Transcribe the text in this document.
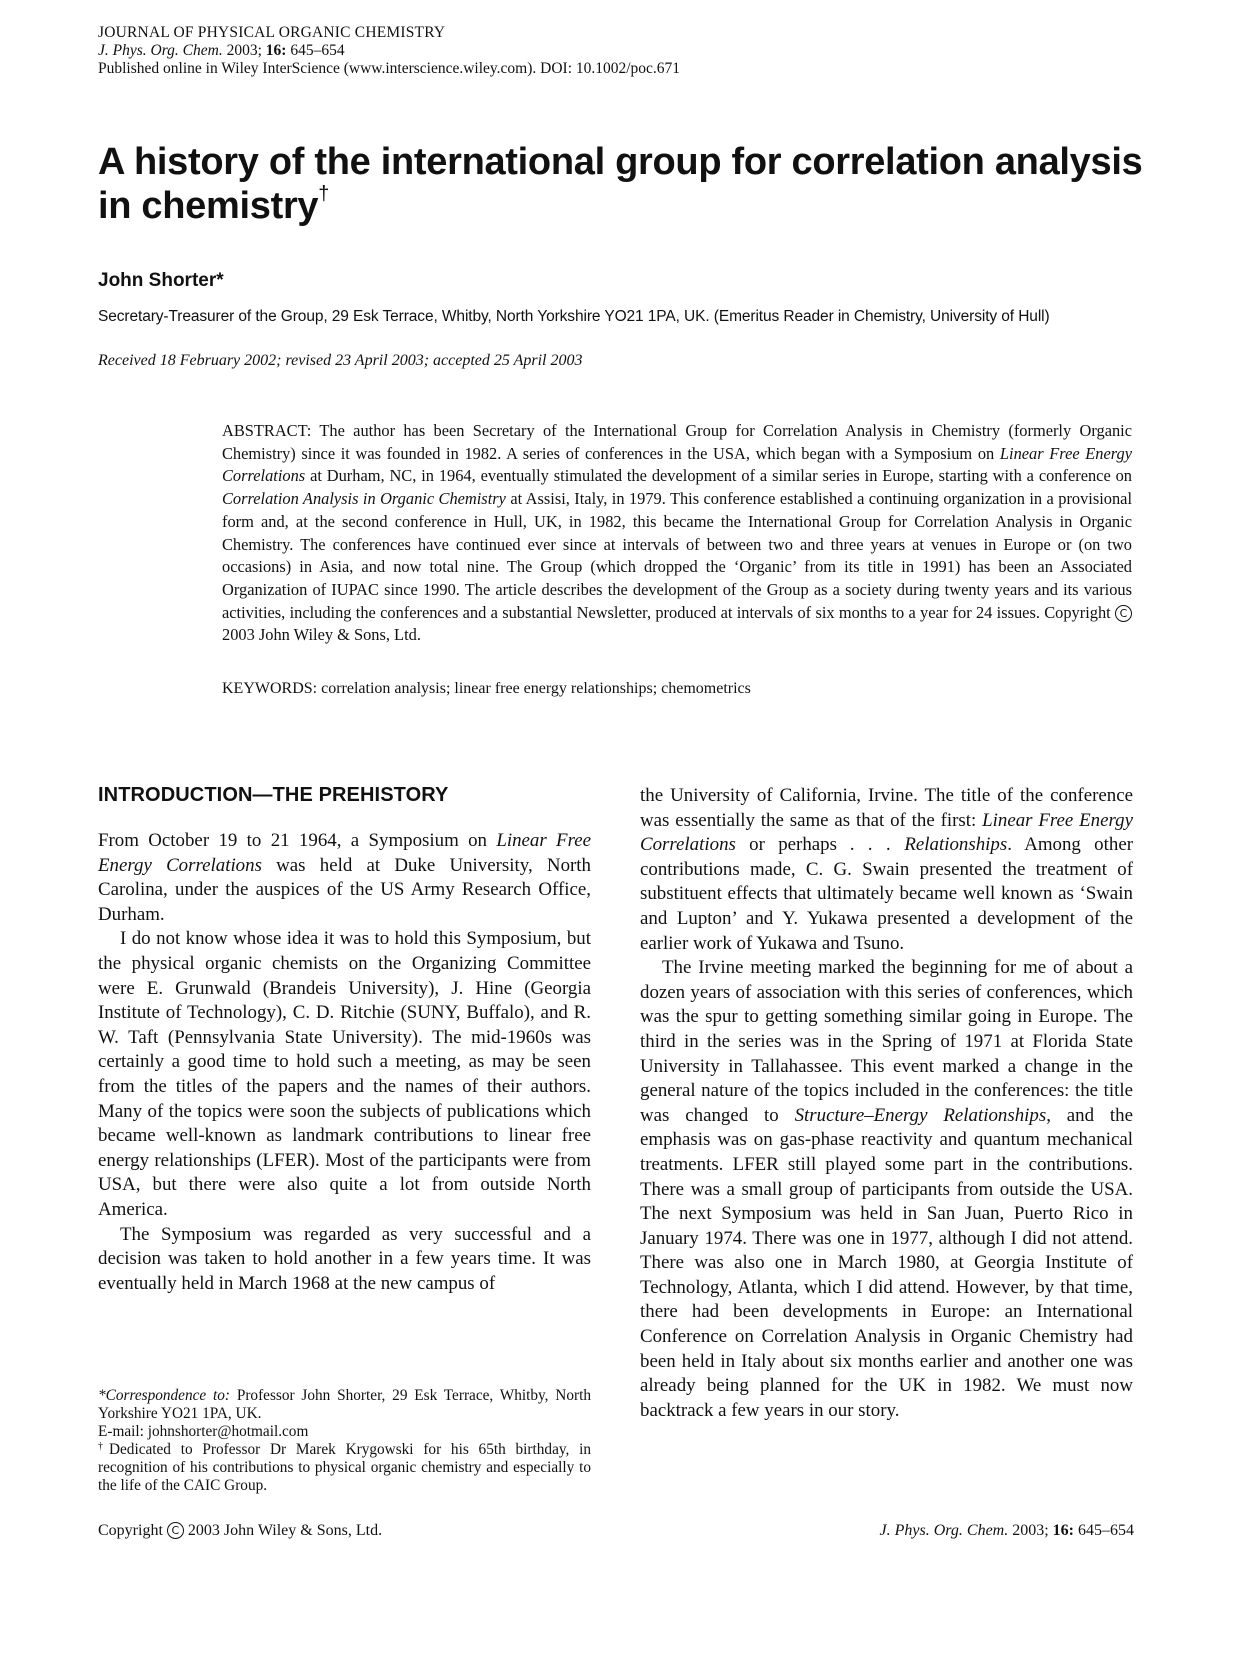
JOURNAL OF PHYSICAL ORGANIC CHEMISTRY
J. Phys. Org. Chem. 2003; 16: 645–654
Published online in Wiley InterScience (www.interscience.wiley.com). DOI: 10.1002/poc.671
A history of the international group for correlation analysis in chemistry†
John Shorter*
Secretary-Treasurer of the Group, 29 Esk Terrace, Whitby, North Yorkshire YO21 1PA, UK. (Emeritus Reader in Chemistry, University of Hull)
Received 18 February 2002; revised 23 April 2003; accepted 25 April 2003
ABSTRACT: The author has been Secretary of the International Group for Correlation Analysis in Chemistry (formerly Organic Chemistry) since it was founded in 1982. A series of conferences in the USA, which began with a Symposium on Linear Free Energy Correlations at Durham, NC, in 1964, eventually stimulated the development of a similar series in Europe, starting with a conference on Correlation Analysis in Organic Chemistry at Assisi, Italy, in 1979. This conference established a continuing organization in a provisional form and, at the second conference in Hull, UK, in 1982, this became the International Group for Correlation Analysis in Organic Chemistry. The conferences have continued ever since at intervals of between two and three years at venues in Europe or (on two occasions) in Asia, and now total nine. The Group (which dropped the ‘Organic’ from its title in 1991) has been an Associated Organization of IUPAC since 1990. The article describes the development of the Group as a society during twenty years and its various activities, including the conferences and a substantial Newsletter, produced at intervals of six months to a year for 24 issues. Copyright C 2003 John Wiley & Sons, Ltd.
KEYWORDS: correlation analysis; linear free energy relationships; chemometrics
INTRODUCTION—THE PREHISTORY

From October 19 to 21 1964, a Symposium on Linear Free Energy Correlations was held at Duke University, North Carolina, under the auspices of the US Army Research Office, Durham.

I do not know whose idea it was to hold this Symposium, but the physical organic chemists on the Organizing Committee were E. Grunwald (Brandeis University), J. Hine (Georgia Institute of Technology), C. D. Ritchie (SUNY, Buffalo), and R. W. Taft (Pennsylvania State University). The mid-1960s was certainly a good time to hold such a meeting, as may be seen from the titles of the papers and the names of their authors. Many of the topics were soon the subjects of publications which became well-known as landmark contributions to linear free energy relationships (LFER). Most of the participants were from USA, but there were also quite a lot from outside North America.

The Symposium was regarded as very successful and a decision was taken to hold another in a few years time. It was eventually held in March 1968 at the new campus of

the University of California, Irvine. The title of the conference was essentially the same as that of the first: Linear Free Energy Correlations or perhaps . . . Relationships. Among other contributions made, C. G. Swain presented the treatment of substituent effects that ultimately became well known as ‘Swain and Lupton’ and Y. Yukawa presented a development of the earlier work of Yukawa and Tsuno.

The Irvine meeting marked the beginning for me of about a dozen years of association with this series of conferences, which was the spur to getting something similar going in Europe. The third in the series was in the Spring of 1971 at Florida State University in Tallahassee. This event marked a change in the general nature of the topics included in the conferences: the title was changed to Structure–Energy Relationships, and the emphasis was on gas-phase reactivity and quantum mechanical treatments. LFER still played some part in the contributions. There was a small group of participants from outside the USA. The next Symposium was held in San Juan, Puerto Rico in January 1974. There was one in 1977, although I did not attend. There was also one in March 1980, at Georgia Institute of Technology, Atlanta, which I did attend. However, by that time, there had been developments in Europe: an International Conference on Correlation Analysis in Organic Chemistry had been held in Italy about six months earlier and another one was already being planned for the UK in 1982. We must now backtrack a few years in our story.

*Correspondence to: Professor John Shorter, 29 Esk Terrace, Whitby, North Yorkshire YO21 1PA, UK.

E-mail: johnshorter@hotmail.com

†Dedicated to Professor Dr Marek Krygowski for his 65th birthday, in recognition of his contributions to physical organic chemistry and especially to the life of the CAIC Group.

Copyright C 2003 John Wiley & Sons, Ltd.	J. Phys. Org. Chem. 2003; 16: 645–654
